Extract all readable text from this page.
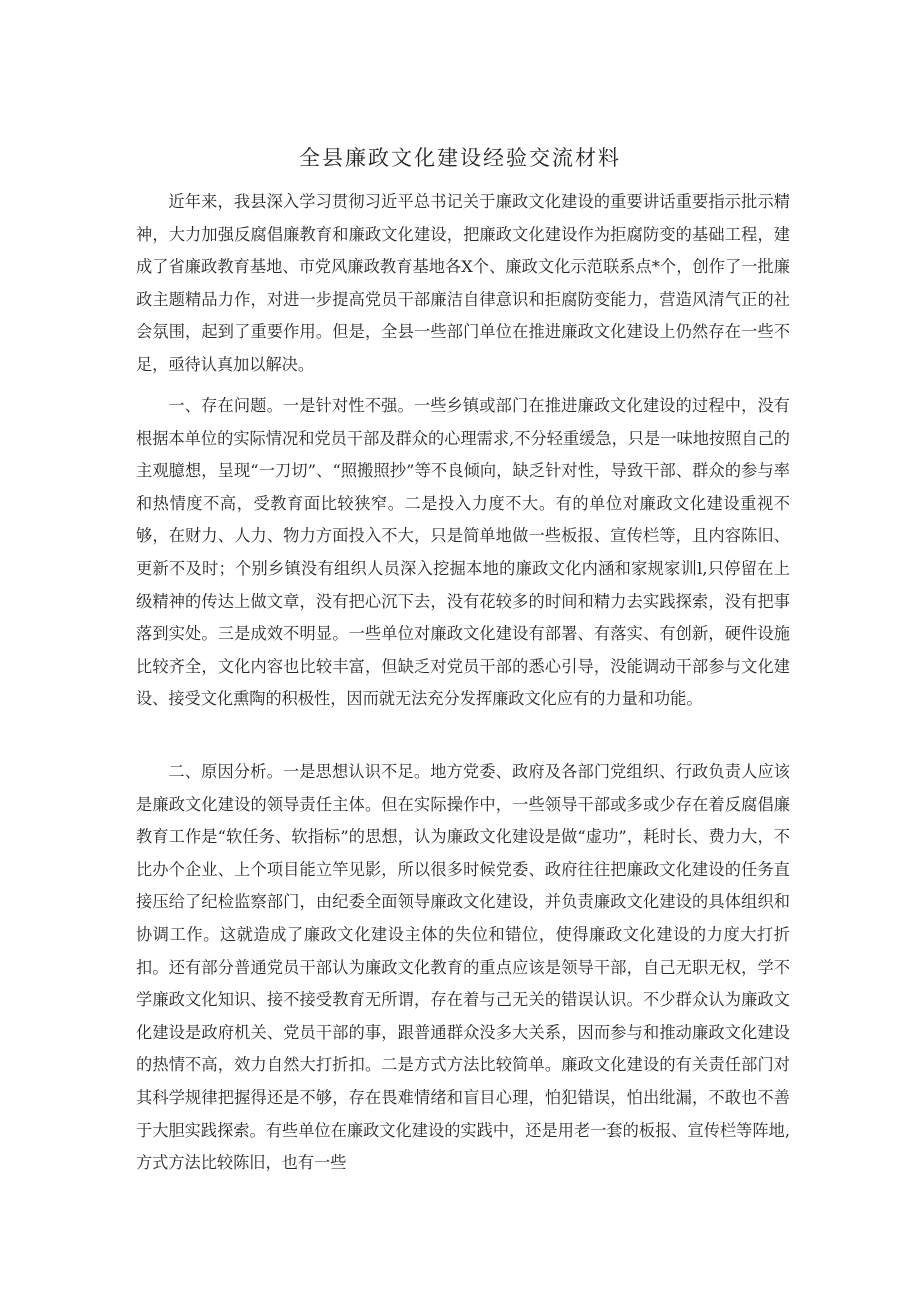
全县廉政文化建设经验交流材料

近年来，我县深入学习贯彻习近平总书记关于廉政文化建设的重要讲话重要指示批示精神，大力加强反腐倡廉教育和廉政文化建设，把廉政文化建设作为拒腐防变的基础工程，建成了省廉政教育基地、市党风廉政教育基地各X个、廉政文化示范联系点*个，创作了一批廉政主题精品力作，对进一步提高党员干部廉洁自律意识和拒腐防变能力，营造风清气正的社会氛围，起到了重要作用。但是，全县一些部门单位在推进廉政文化建设上仍然存在一些不足，亟待认真加以解决。

一、存在问题。一是针对性不强。一些乡镇或部门在推进廉政文化建设的过程中，没有根据本单位的实际情况和党员干部及群众的心理需求,不分轻重缓急，只是一味地按照自己的主观臆想，呈现“一刀切”、“照搬照抄”等不良倾向，缺乏针对性，导致干部、群众的参与率和热情度不高，受教育面比较狭窄。二是投入力度不大。有的单位对廉政文化建设重视不够，在财力、人力、物力方面投入不大，只是简单地做一些板报、宣传栏等，且内容陈旧、更新不及时；个别乡镇没有组织人员深入挖掘本地的廉政文化内涵和家规家训l,只停留在上级精神的传达上做文章，没有把心沉下去，没有花较多的时间和精力去实践探索，没有把事落到实处。三是成效不明显。一些单位对廉政文化建设有部署、有落实、有创新，硬件设施比较齐全，文化内容也比较丰富，但缺乏对党员干部的悉心引导，没能调动干部参与文化建设、接受文化熏陶的积极性，因而就无法充分发挥廉政文化应有的力量和功能。

二、原因分析。一是思想认识不足。地方党委、政府及各部门党组织、行政负责人应该是廉政文化建设的领导责任主体。但在实际操作中，一些领导干部或多或少存在着反腐倡廉教育工作是“软任务、软指标”的思想，认为廉政文化建设是做“虚功”，耗时长、费力大，不比办个企业、上个项目能立竿见影，所以很多时候党委、政府往往把廉政文化建设的任务直接压给了纪检监察部门，由纪委全面领导廉政文化建设，并负责廉政文化建设的具体组织和协调工作。这就造成了廉政文化建设主体的失位和错位，使得廉政文化建设的力度大打折扣。还有部分普通党员干部认为廉政文化教育的重点应该是领导干部，自己无职无权，学不学廉政文化知识、接不接受教育无所谓，存在着与己无关的错误认识。不少群众认为廉政文化建设是政府机关、党员干部的事，跟普通群众没多大关系，因而参与和推动廉政文化建设的热情不高，效力自然大打折扣。二是方式方法比较简单。廉政文化建设的有关责任部门对其科学规律把握得还是不够，存在畏难情绪和盲目心理，怕犯错误，怕出纰漏，不敢也不善于大胆实践探索。有些单位在廉政文化建设的实践中，还是用老一套的板报、宣传栏等阵地,方式方法比较陈旧，也有一些
